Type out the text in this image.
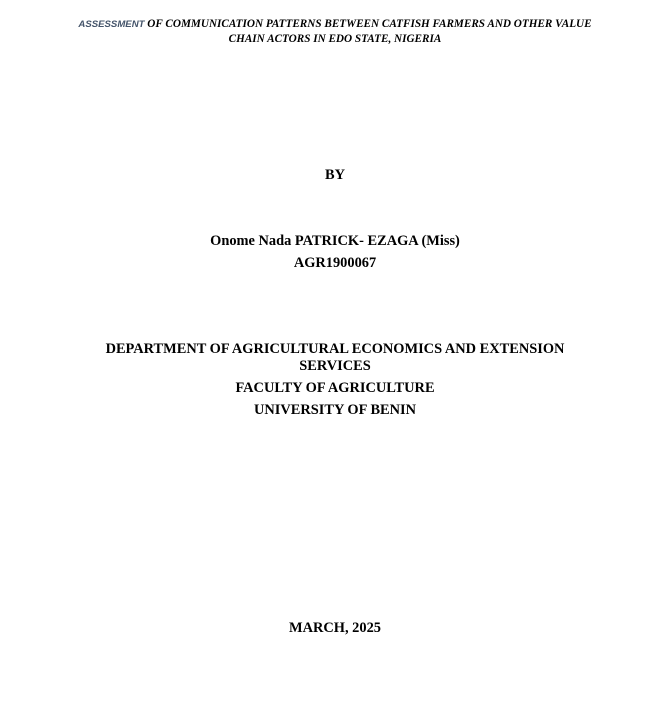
ASSESSMENT OF COMMUNICATION PATTERNS BETWEEN CATFISH FARMERS AND OTHER VALUE CHAIN ACTORS IN EDO STATE, NIGERIA
BY
Onome Nada PATRICK- EZAGA (Miss)
AGR1900067
DEPARTMENT OF AGRICULTURAL ECONOMICS AND EXTENSION SERVICES
FACULTY OF AGRICULTURE
UNIVERSITY OF BENIN
MARCH, 2025
